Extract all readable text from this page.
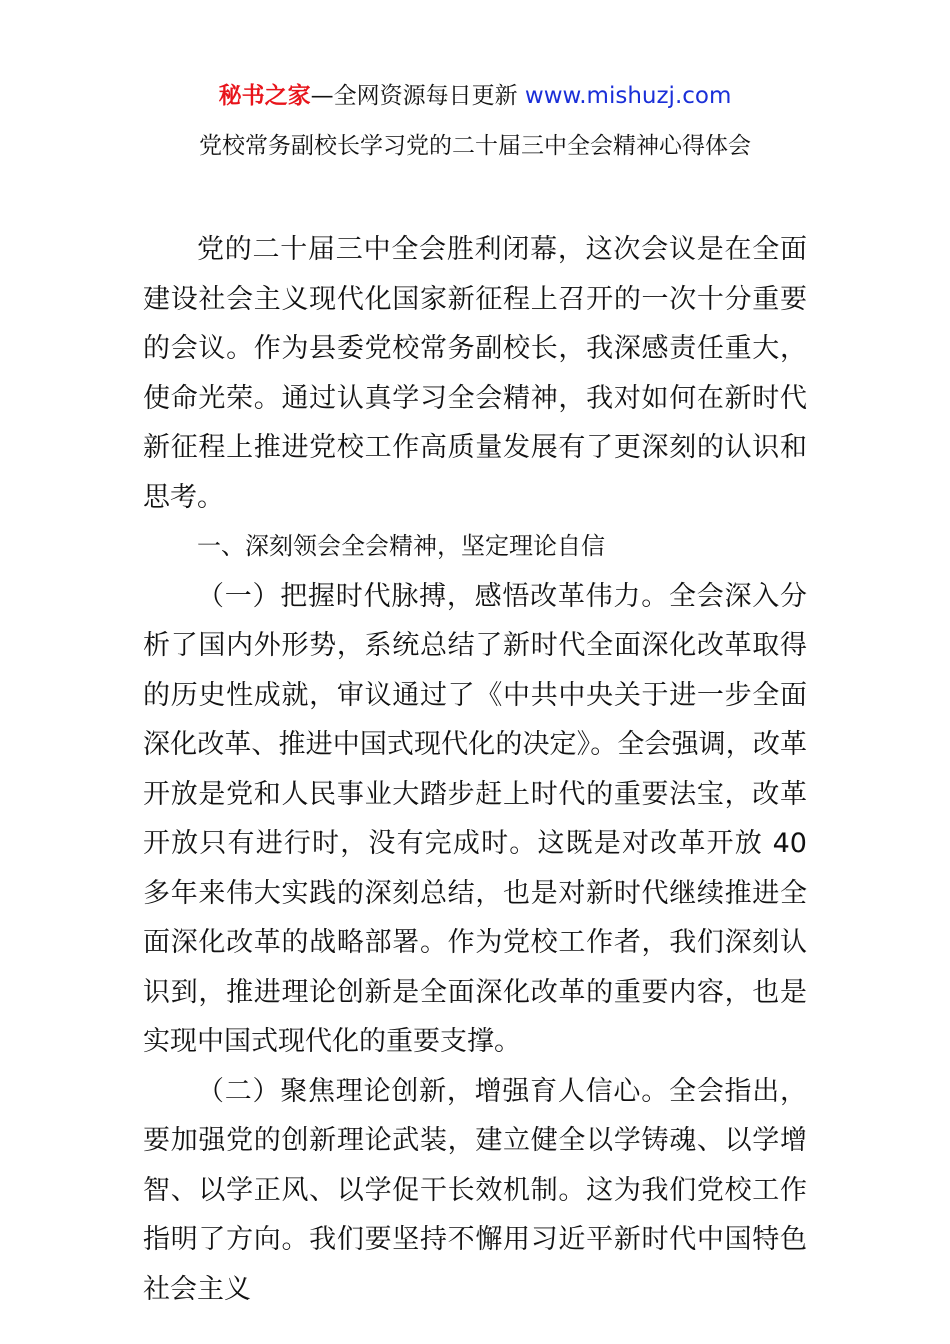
秘书之家—全网资源每日更新 www.mishuzj.com
党校常务副校长学习党的二十届三中全会精神心得体会

党的二十届三中全会胜利闭幕，这次会议是在全面建设社会主义现代化国家新征程上召开的一次十分重要的会议。作为县委党校常务副校长，我深感责任重大，使命光荣。通过认真学习全会精神，我对如何在新时代新征程上推进党校工作高质量发展有了更深刻的认识和思考。

一、深刻领会全会精神，坚定理论自信

（一）把握时代脉搏，感悟改革伟力。全会深入分析了国内外形势，系统总结了新时代全面深化改革取得的历史性成就，审议通过了《中共中央关于进一步全面深化改革、推进中国式现代化的决定》。全会强调，改革开放是党和人民事业大踏步赶上时代的重要法宝，改革开放只有进行时，没有完成时。这既是对改革开放 40 多年来伟大实践的深刻总结，也是对新时代继续推进全面深化改革的战略部署。作为党校工作者，我们深刻认识到，推进理论创新是全面深化改革的重要内容，也是实现中国式现代化的重要支撑。

（二）聚焦理论创新，增强育人信心。全会指出，要加强党的创新理论武装，建立健全以学铸魂、以学增智、以学正风、以学促干长效机制。这为我们党校工作指明了方向。我们要坚持不懈用习近平新时代中国特色社会主义
